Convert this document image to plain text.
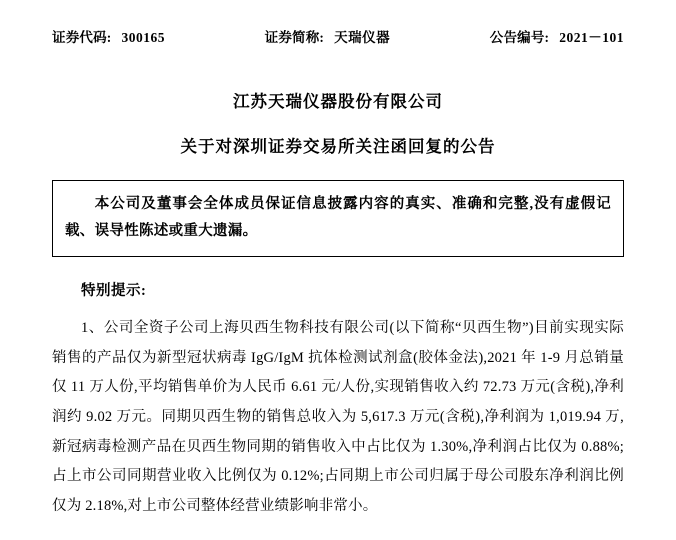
证券代码: 300165	证券简称: 天瑞仪器	公告编号: 2021－101
江苏天瑞仪器股份有限公司
关于对深圳证券交易所关注函回复的公告
本公司及董事会全体成员保证信息披露内容的真实、准确和完整,没有虚假记载、误导性陈述或重大遗漏。
特别提示:
1、公司全资子公司上海贝西生物科技有限公司(以下简称“贝西生物”)目前实现实际销售的产品仅为新型冠状病毒 IgG/IgM 抗体检测试剂盒(胶体金法),2021 年 1-9 月总销量仅 11 万人份,平均销售单价为人民币 6.61 元/人份,实现销售收入约 72.73 万元(含税),净利润约 9.02 万元。同期贝西生物的销售总收入为 5,617.3 万元(含税),净利润为 1,019.94 万,新冠病毒检测产品在贝西生物同期的销售收入中占比仅为 1.30%,净利润占比仅为 0.88%;占上市公司同期营业收入比例仅为 0.12%;占同期上市公司归属于母公司股东净利润比例仅为 2.18%,对上市公司整体经营业绩影响非常小。
